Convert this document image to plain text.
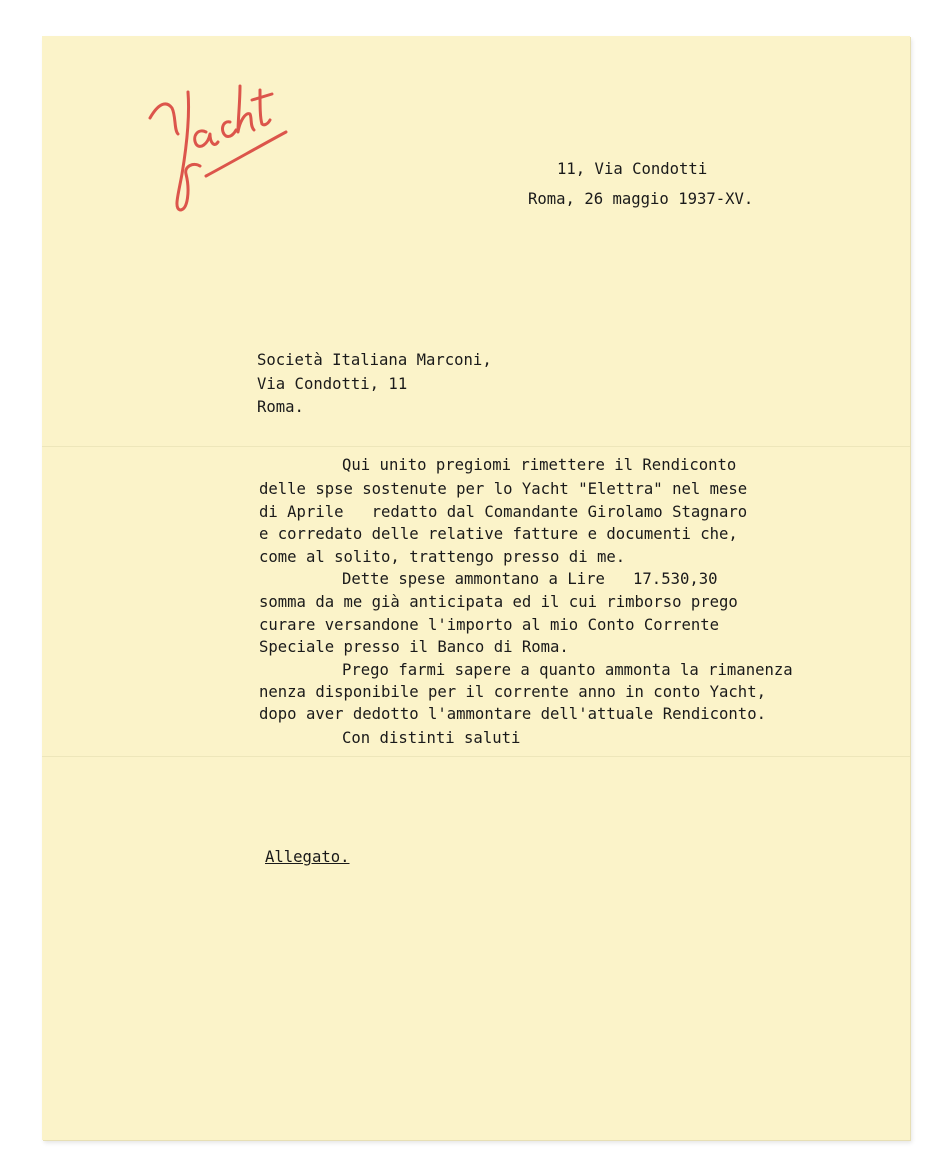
11, Via Condotti
Roma, 26 maggio 1937-XV.
Società Italiana Marconi,
Via Condotti, 11
Roma.
Qui unito pregiomi rimettere il Rendiconto
delle spse sostenute per lo Yacht "Elettra" nel mese
di Aprile   redatto dal Comandante Girolamo Stagnaro
e corredato delle relative fatture e documenti che,
come al solito, trattengo presso di me.
Dette spese ammontano a Lire   17.530,30
somma da me già anticipata ed il cui rimborso prego
curare versandone l'importo al mio Conto Corrente
Speciale presso il Banco di Roma.
Prego farmi sapere a quanto ammonta la rimanenza
nenza disponibile per il corrente anno in conto Yacht,
dopo aver dedotto l'ammontare dell'attuale Rendiconto.
Con distinti saluti
Allegato.
